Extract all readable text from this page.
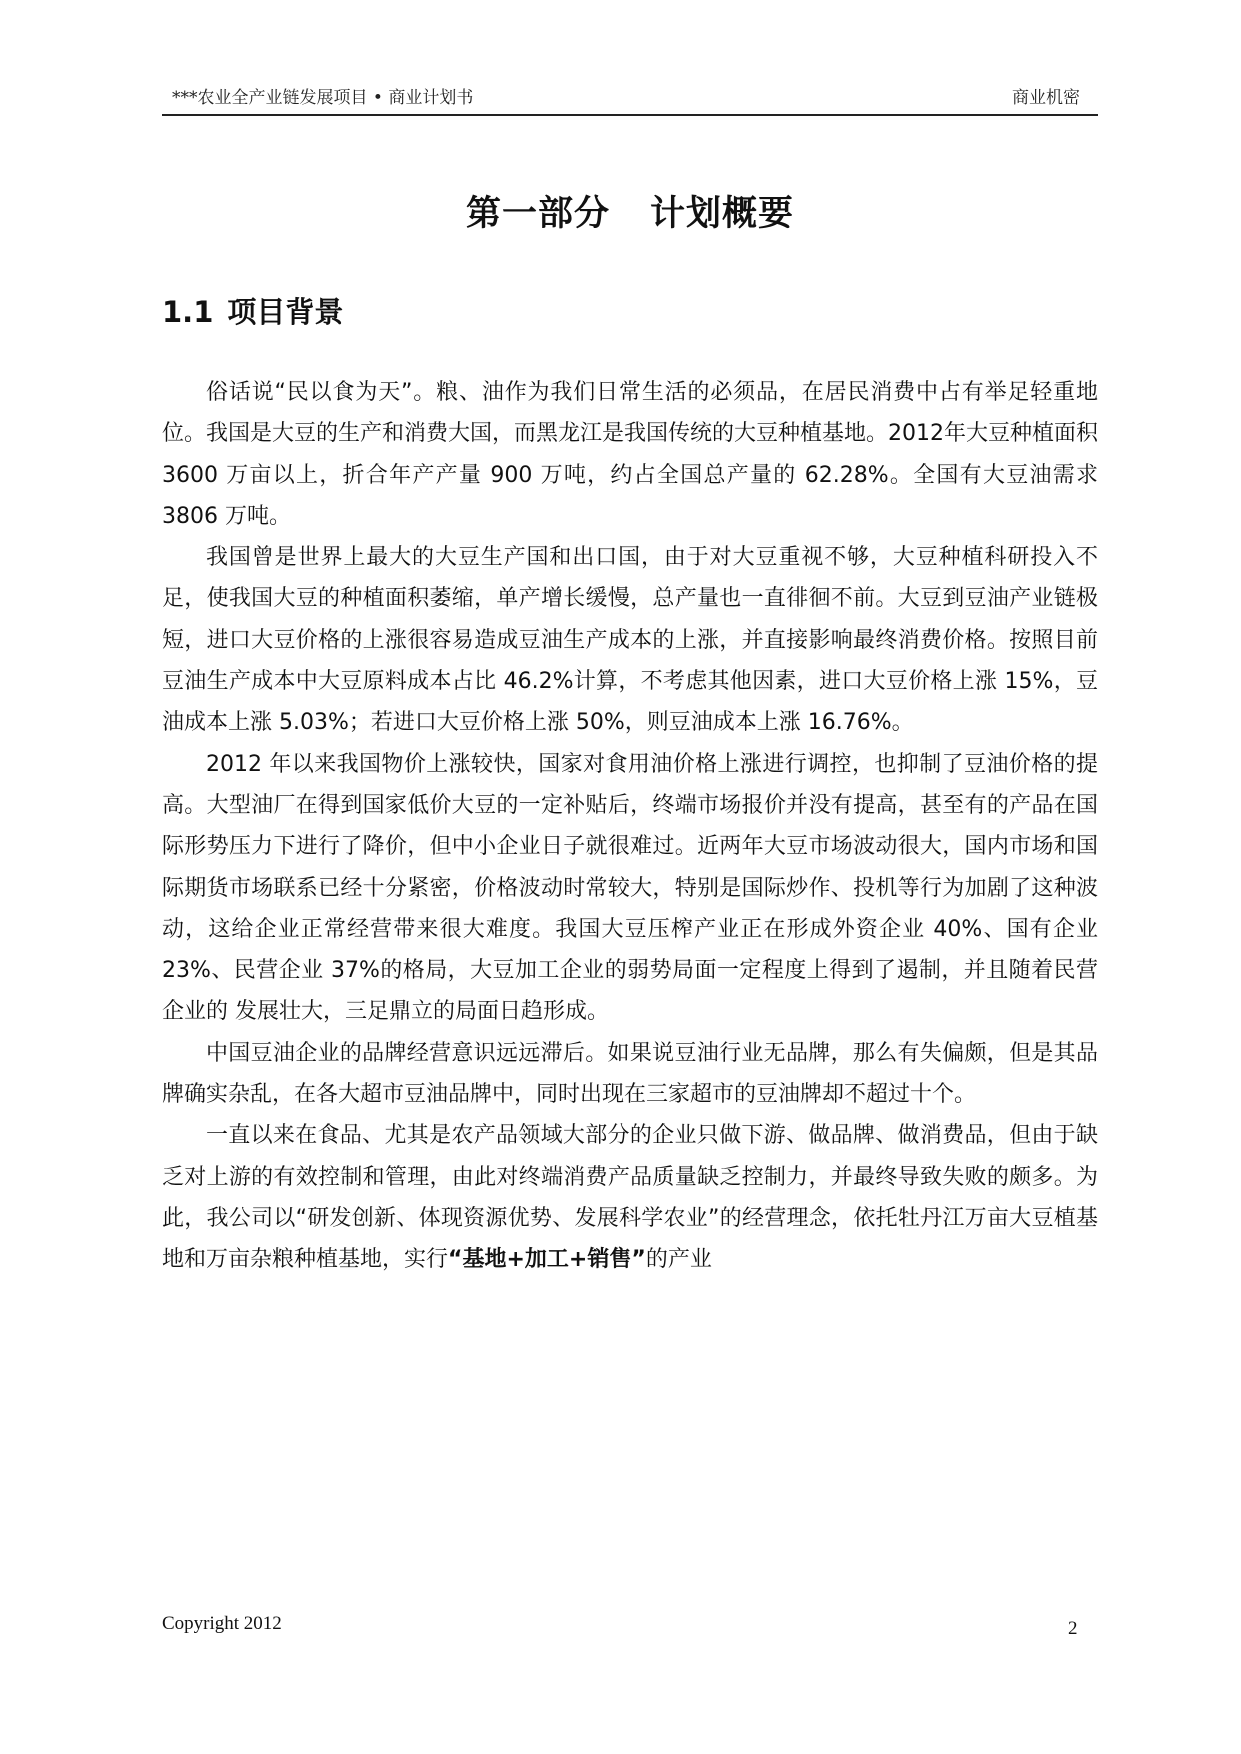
***农业全产业链发展项目 • 商业计划书	商业机密
第一部分 计划概要
1.1 项目背景

俗话说“民以食为天”。粮、油作为我们日常生活的必须品，在居民消费中占有举足轻重地位。我国是大豆的生产和消费大国，而黑龙江是我国传统的大豆种植基地。2012年大豆种植面积 3600 万亩以上，折合年产产量 900 万吨，约占全国总产量的 62.28%。全国有大豆油需求 3806 万吨。

我国曾是世界上最大的大豆生产国和出口国，由于对大豆重视不够，大豆种植科研投入不足，使我国大豆的种植面积萎缩，单产增长缓慢，总产量也一直徘徊不前。大豆到豆油产业链极短，进口大豆价格的上涨很容易造成豆油生产成本的上涨，并直接影响最终消费价格。按照目前豆油生产成本中大豆原料成本占比 46.2%计算，不考虑其他因素，进口大豆价格上涨 15%，豆油成本上涨 5.03%；若进口大豆价格上涨 50%，则豆油成本上涨 16.76%。

2012 年以来我国物价上涨较快，国家对食用油价格上涨进行调控，也抑制了豆油价格的提高。大型油厂在得到国家低价大豆的一定补贴后，终端市场报价并没有提高，甚至有的产品在国际形势压力下进行了降价，但中小企业日子就很难过。近两年大豆市场波动很大，国内市场和国际期货市场联系已经十分紧密，价格波动时常较大，特别是国际炒作、投机等行为加剧了这种波动，这给企业正常经营带来很大难度。我国大豆压榨产业正在形成外资企业 40%、国有企业 23%、民营企业 37%的格局，大豆加工企业的弱势局面一定程度上得到了遏制，并且随着民营企业的 发展壮大，三足鼎立的局面日趋形成。

中国豆油企业的品牌经营意识远远滞后。如果说豆油行业无品牌，那么有失偏颇，但是其品牌确实杂乱，在各大超市豆油品牌中，同时出现在三家超市的豆油牌却不超过十个。

一直以来在食品、尤其是农产品领域大部分的企业只做下游、做品牌、做消费品，但由于缺乏对上游的有效控制和管理，由此对终端消费产品质量缺乏控制力，并最终导致失败的颇多。为此，我公司以“研发创新、体现资源优势、发展科学农业”的经营理念，依托牡丹江万亩大豆植基地和万亩杂粮种植基地，实行“基地+加工+销售”的产业

Copyright 2012	2
